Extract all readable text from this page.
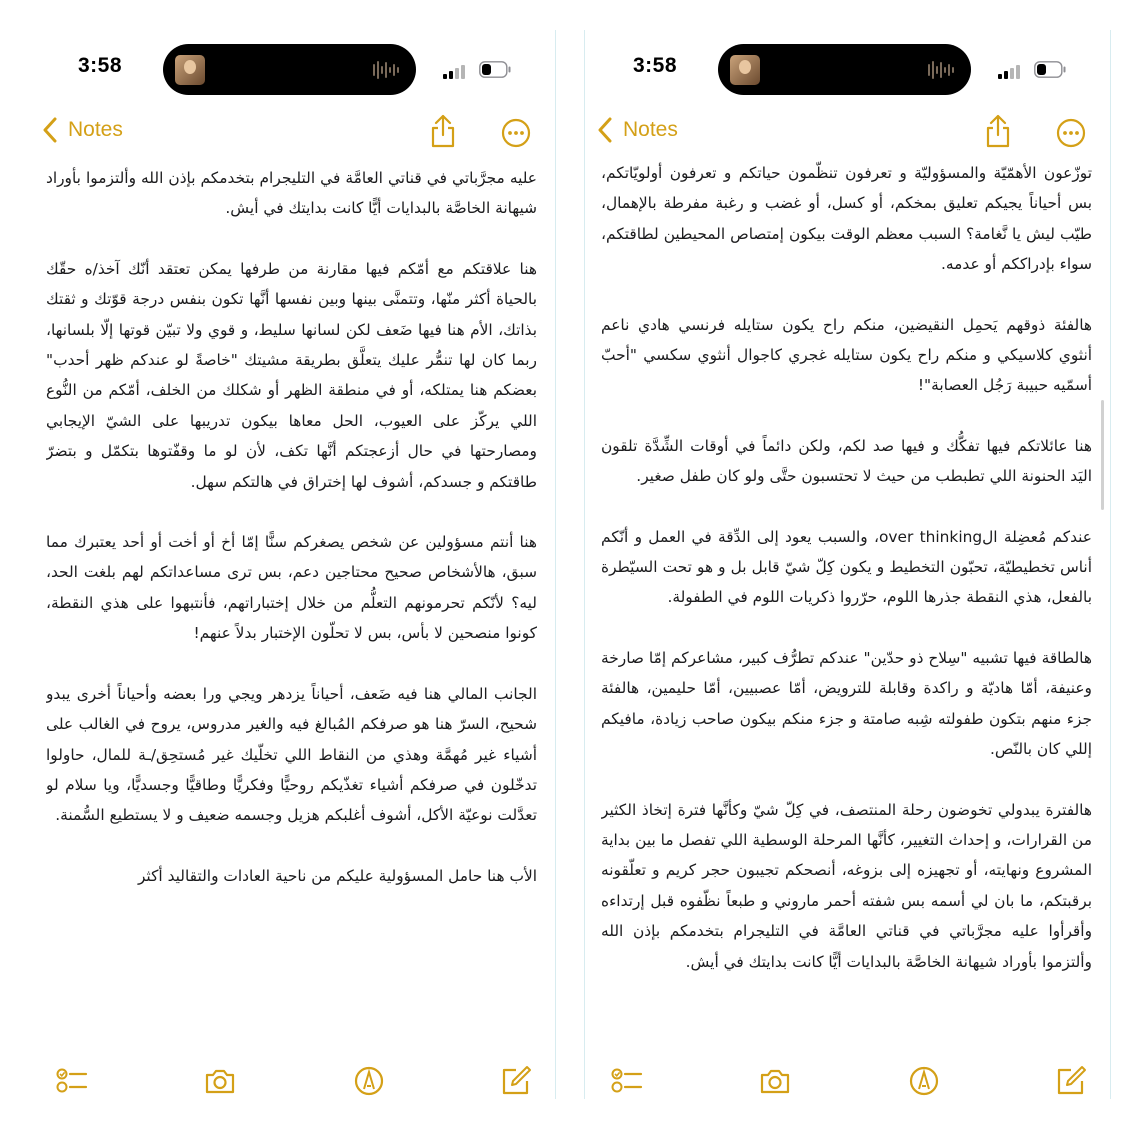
3:58
Notes

عليه مجرَّباتي في قناتي العامَّة في التليجرام بتخدمكم بإذن الله وألتزموا بأوراد شيهانة الخاصَّة بالبدايات أيًّا كانت بدايتك في أيش.

هنا علاقتكم مع أمّكم فيها مقارنة من طرفها يمكن تعتقد أنّك آخذ/ه حقّك بالحياة أكثر منّها، وتتمنَّى بينها وبين نفسها أنَّها تكون بنفس درجة قوّتك و ثقتك بذاتك، الأم هنا فيها ضَعف لكن لسانها سليط، و قوي ولا تبيّن قوتها إلّا بلسانها، ربما كان لها تنمُّر عليك يتعلَّق بطريقة مشيتك "خاصةً لو عندكم ظهر أحدب" بعضكم هنا يمتلكه، أو في منطقة الظهر أو شكلك من الخلف، أمّكم من النُّوع اللي يركّز على العيوب، الحل معاها بيكون تدريبها على الشيّ الإيجابي ومصارحتها في حال أزعجتكم أنَّها تكف، لأن لو ما وقفّتوها بتكمّل و بتضرّ طاقتكم و جسدكم، أشوف لها إختراق في هالتكم سهل.

هنا أنتم مسؤولين عن شخص يصغركم سنًّا إمّا أخ أو أخت أو أحد يعتبرك مما سبق، هالأشخاص صحيح محتاجين دعم، بس ترى مساعداتكم لهم بلغت الحد، ليه؟ لأنّكم تحرمونهم التعلُّم من خلال إختباراتهم، فأنتبهوا على هذي النقطة، كونوا منصحين لا بأس، بس لا تحلّون الإختبار بدلاً عنهم!

الجانب المالي هنا فيه ضَعف، أحياناً يزدهر ويجي ورا بعضه وأحياناً أخرى يبدو شحيح، السرّ هنا هو صرفكم المُبالغ فيه والغير مدروس، يروح في الغالب على أشياء غير مُهمَّة وهذي من النقاط اللي تخلّيك غير مُستحِق/ـة للمال، حاولوا تدخّلون في صرفكم أشياء تغذّيكم روحيًّا وفكريًّا وطاقيًّا وجسديًّا، ويا سلام لو تعدَّلت نوعيّة الأكل، أشوف أغلبكم هزيل وجسمه ضعيف و لا يستطيع السُّمنة.

الأب هنا حامل المسؤولية عليكم من ناحية العادات والتقاليد أكثر

3:58
Notes

توزّعون الأهمّيّة والمسؤوليّة و تعرفون تنظّمون حياتكم و تعرفون أولويّاتكم، بس أحياناً يجيكم تعليق بمخكم، أو كسل، أو غضب و رغبة مفرطة بالإهمال، طيّب ليش يا نَّغامة؟ السبب معظم الوقت بيكون إمتصاص المحيطين لطاقتكم، سواء بإدراككم أو عدمه.

هالفئة ذوقهم يَحمِل النقيضين، منكم راح يكون ستايله فرنسي هادي ناعم أنثوي كلاسيكي و منكم راح يكون ستايله غجري كاجوال أنثوي سكسي "أحبّ أسمّيه حبيبة رَجُل العصابة"!

هنا عائلاتكم فيها تفكُّك و فيها صد لكم، ولكن دائماً في أوقات الشِّدَّة تلقون اليَد الحنونة اللي تطبطب من حيث لا تحتسبون حتَّى ولو كان طفل صغير.

عندكم مُعضِلة الover thinking، والسبب يعود إلى الدِّقة في العمل و أنّكم أناس تخطيطيّة، تحبّون التخطيط و يكون كِلّ شيّ قابل بل و هو تحت السيّطرة بالفعل، هذي النقطة جذرها اللوم، حرّروا ذكريات اللوم في الطفولة.

هالطاقة فيها تشبيه "سِلاح ذو حدّين" عندكم تطرُّف كبير، مشاعركم إمّا صارخة وعنيفة، أمّا هاديّة و راكدة وقابلة للترويض، أمّا عصبيين، أمّا حليمين، هالفئة جزء منهم بتكون طفولته شِبه صامتة و جزء منكم بيكون صاحب زيادة، مافيكم إللي كان بالنّص.

هالفترة يبدولي تخوضون رحلة المنتصف، في كِلّ شيّ وكأنَّها فترة إتخاذ الكثير من القرارات، و إحداث التغيير، كأنَّها المرحلة الوسطية اللي تفصل ما بين بداية المشروع ونهايته، أو تجهيزه إلى بزوغه، أنصحكم تجيبون حجر كريم و تعلّقونه برقبتكم، ما بان لي أسمه بس شفته أحمر ماروني و طبعاً نظّفوه قبل إرتداءه وأقرأوا عليه مجرَّباتي في قناتي العامَّة في التليجرام بتخدمكم بإذن الله وألتزموا بأوراد شيهانة الخاصَّة بالبدايات أيًّا كانت بدايتك في أيش.
